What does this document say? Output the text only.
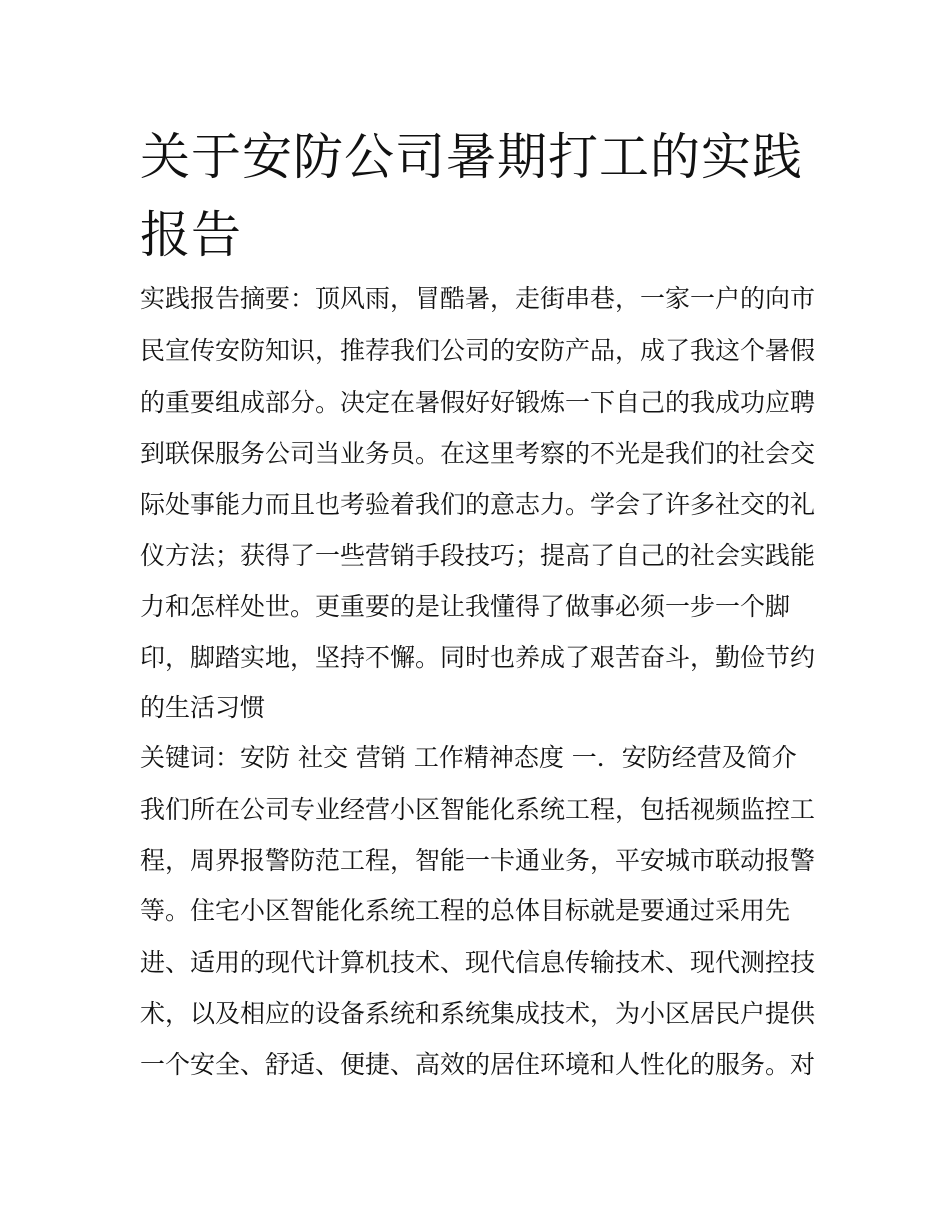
关于安防公司暑期打工的实践
报告

实践报告摘要：顶风雨，冒酷暑，走街串巷，一家一户的向市

民宣传安防知识，推荐我们公司的安防产品，成了我这个暑假

的重要组成部分。决定在暑假好好锻炼一下自己的我成功应聘

到联保服务公司当业务员。在这里考察的不光是我们的社会交

际处事能力而且也考验着我们的意志力。学会了许多社交的礼

仪方法；获得了一些营销手段技巧；提高了自己的社会实践能

力和怎样处世。更重要的是让我懂得了做事必须一步一个脚

印，脚踏实地，坚持不懈。同时也养成了艰苦奋斗，勤俭节约

的生活习惯

关键词：安防 社交 营销 工作精神态度 一．安防经营及简介

我们所在公司专业经营小区智能化系统工程，包括视频监控工

程，周界报警防范工程，智能一卡通业务，平安城市联动报警

等。住宅小区智能化系统工程的总体目标就是要通过采用先

进、适用的现代计算机技术、现代信息传输技术、现代测控技

术，以及相应的设备系统和系统集成技术，为小区居民户提供

一个安全、舒适、便捷、高效的居住环境和人性化的服务。对
